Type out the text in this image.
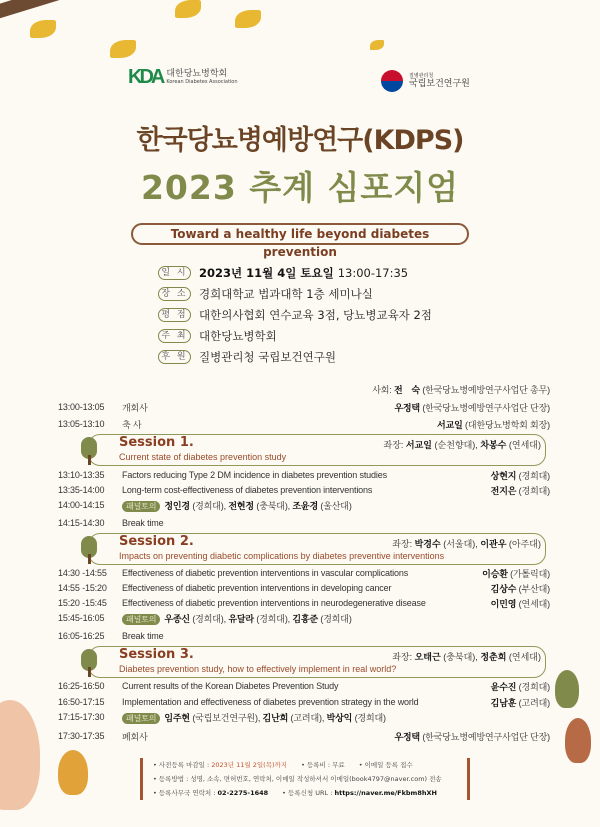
KDA 대한당뇨병학회
Korean Diabetes Association
질병관리청
국립보건연구원
한국당뇨병예방연구(KDPS)
2023 추계 심포지엄
Toward a healthy life beyond diabetes prevention
일 시 2023년 11월 4일 토요일 13:00-17:35
장 소 경희대학교 법과대학 1층 세미나실
평 점 대한의사협회 연수교육 3점, 당뇨병교육자 2점
주 최 대한당뇨병학회
후 원 질병관리청 국립보건연구원
사회: 전　숙 (한국당뇨병예방연구사업단 총무)
13:00-13:05	개회사	우정택 (한국당뇨병예방연구사업단 단장)
13:05-13:10	축 사	서교일 (대한당뇨병학회 회장)
Session 1.
Current state of diabetes prevention study
좌장: 서교일 (순천향대), 차봉수 (연세대)
13:10-13:35	Factors reducing Type 2 DM incidence in diabetes prevention studies	상현지 (경희대)
13:35-14:00	Long-term cost-effectiveness of diabetes prevention interventions	전지은 (경희대)
14:00-14:15	패널토의 정인경 (경희대), 전현정 (충북대), 조윤경 (울산대)
14:15-14:30	Break time
Session 2.
Impacts on preventing diabetic complications by diabetes preventive interventions
좌장: 박경수 (서울대), 이관우 (아주대)
14:30 -14:55	Effectiveness of diabetic prevention interventions in vascular complications	이승환 (가톨릭대)
14:55 -15:20	Effectiveness of diabetic prevention interventions in developing cancer	김상수 (부산대)
15:20 -15:45	Effectiveness of diabetic prevention interventions in neurodegenerative disease	이민영 (연세대)
15:45-16:05	패널토의 우종신 (경희대), 유달라 (경희대), 김홍준 (경희대)
16:05-16:25	Break time
Session 3.
Diabetes prevention study, how to effectively implement in real world?
좌장: 오태근 (충북대), 정춘희 (연세대)
16:25-16:50	Current results of the Korean Diabetes Prevention Study	윤수진 (경희대)
16:50-17:15	Implementation and effectiveness of diabetes prevention strategy in the world	김남훈 (고려대)
17:15-17:30	패널토의 임주현 (국립보건연구원), 김난희 (고려대), 박상익 (경희대)
17:30-17:35	폐회사	우정택 (한국당뇨병예방연구사업단 단장)
• 사전등록 마감일 : 2023년 11월 2일(목)까지 • 등록비 : 무료 • 이메일 등록 접수
• 등록방법 : 성명, 소속, 면허번호, 연락처, 이메일 작성하셔서 이메일(book4797@naver.com) 전송
• 등록사무국 연락처 : 02-2275-1648 • 등록신청 URL : https://naver.me/Fkbm8hXH
